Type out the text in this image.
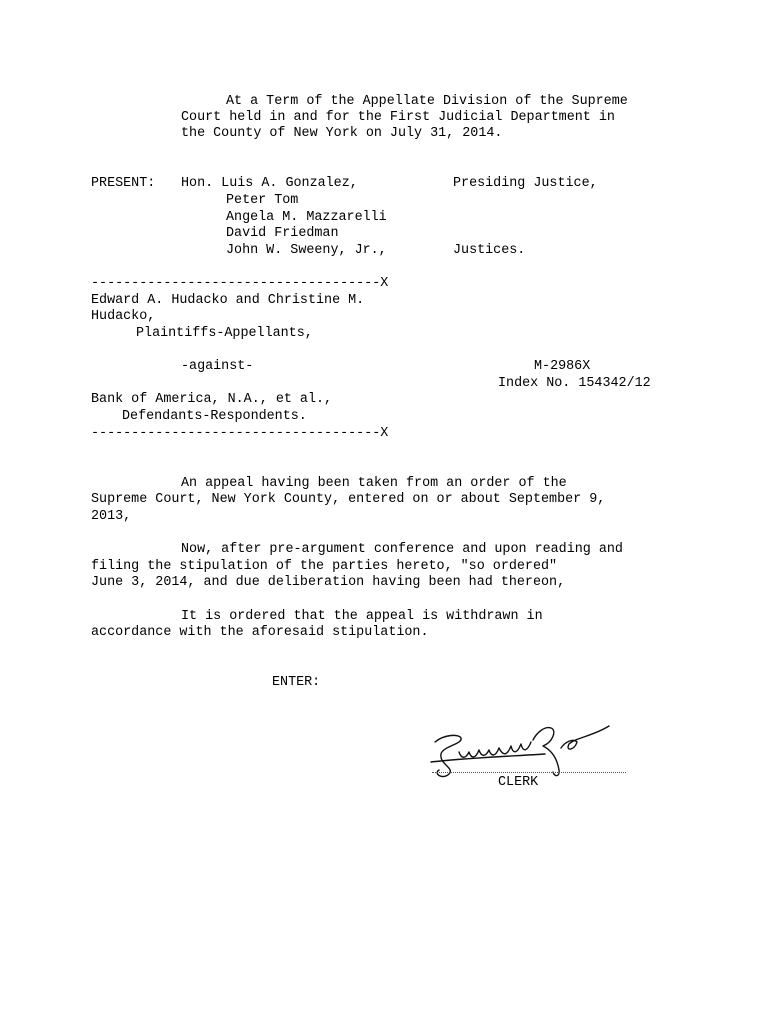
At a Term of the Appellate Division of the Supreme
Court held in and for the First Judicial Department in
the County of New York on July 31, 2014.
PRESENT: Hon. Luis A. Gonzalez,	Presiding Justice,
Peter Tom
Angela M. Mazzarelli
David Friedman
John W. Sweeny, Jr.,	Justices.
------------------------------------X
Edward A. Hudacko and Christine M.
Hudacko,
Plaintiffs-Appellants,
-against-	M-2986X
Index No. 154342/12
Bank of America, N.A., et al.,
Defendants-Respondents.
------------------------------------X
An appeal having been taken from an order of the
Supreme Court, New York County, entered on or about September 9,
2013,
Now, after pre-argument conference and upon reading and
filing the stipulation of the parties hereto, "so ordered"
June 3, 2014, and due deliberation having been had thereon,
It is ordered that the appeal is withdrawn in
accordance with the aforesaid stipulation.
ENTER:
CLERK
